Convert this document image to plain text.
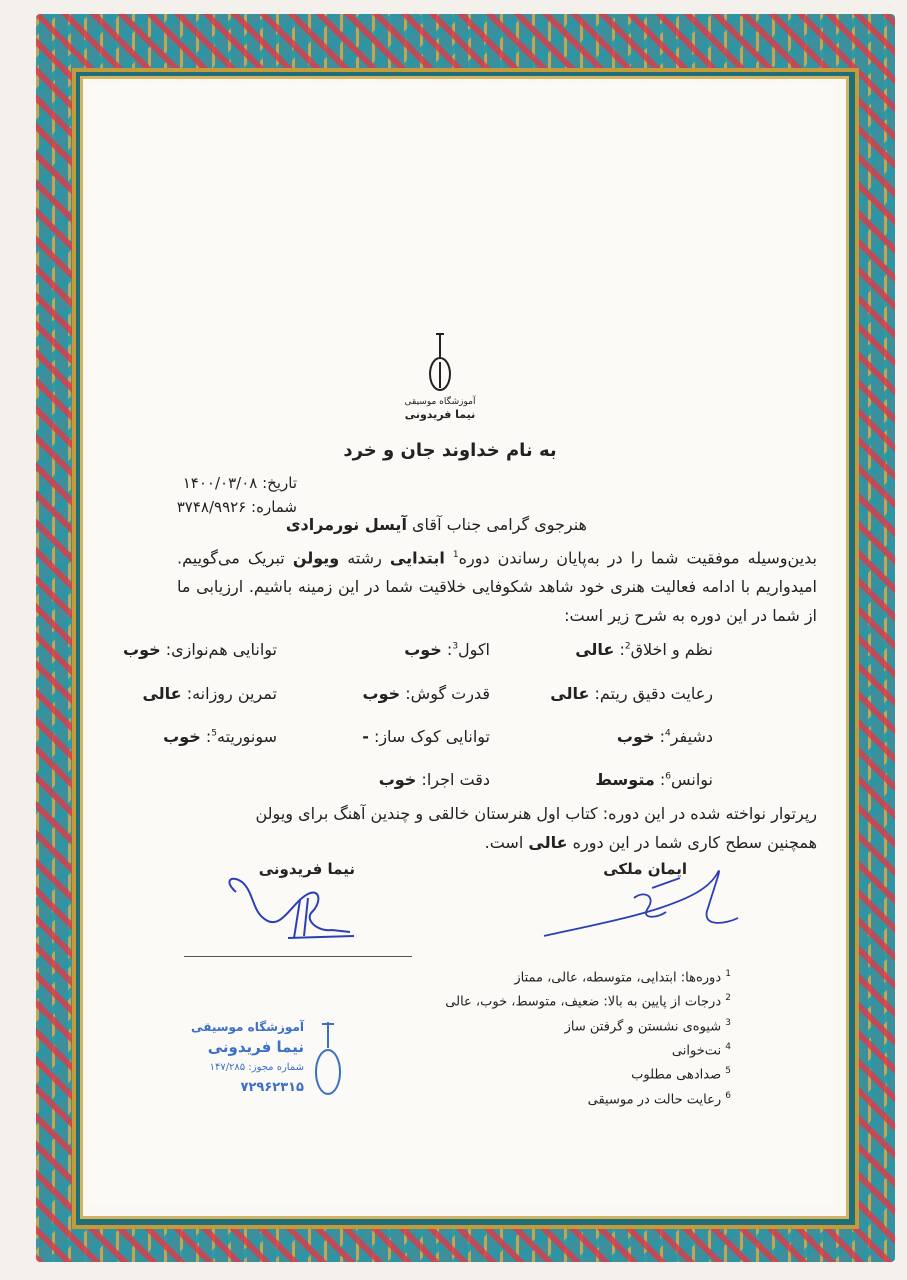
آموزشگاه موسیقی
نیما فریدونی
به نام خداوند جان و خرد
تاریخ: ۱۴۰۰/۰۳/۰۸
شماره: ۳۷۴۸/۹۹۲۶
هنرجوی گرامی جناب آقای آیسل نورمرادی
بدین‌وسیله موفقیت شما را در به‌پایان رساندن دوره$^1$ ابتدایی رشته ویولن تبریک می‌گوییم. امیدواریم با ادامه فعالیت هنری خود شاهد شکوفایی خلاقیت شما در این زمینه باشیم. ارزیابی ما از شما در این دوره به شرح زیر است:
نظم و اخلاق$^2$: عالی
اکول$^3$: خوب
توانایی هم‌نوازی: خوب
رعایت دقیق ریتم: عالی
قدرت گوش: خوب
تمرین روزانه: عالی
دشیفر$^4$: خوب
توانایی کوک ساز: -
سونوریته$^5$: خوب
نوانس$^6$: متوسط
دقت اجرا: خوب
رپرتوار نواخته شده در این دوره: کتاب اول هنرستان خالقی و چندین آهنگ برای ویولن
همچنین سطح کاری شما در این دوره عالی است.
نیما فریدونی	ایمان ملکی
$^1$ دوره‌ها: ابتدایی، متوسطه، عالی، ممتاز
$^2$ درجات از پایین به بالا: ضعیف، متوسط، خوب، عالی
$^3$ شیوه‌ی نشستن و گرفتن ساز
$^4$ نت‌خوانی
$^5$ صدادهی مطلوب
$^6$ رعایت حالت در موسیقی
آموزشگاه موسیقی
نیما فریدونی
شماره مجوز: ۱۴۷/۲۸۵
۷۲۹۶۲۳۱۵
